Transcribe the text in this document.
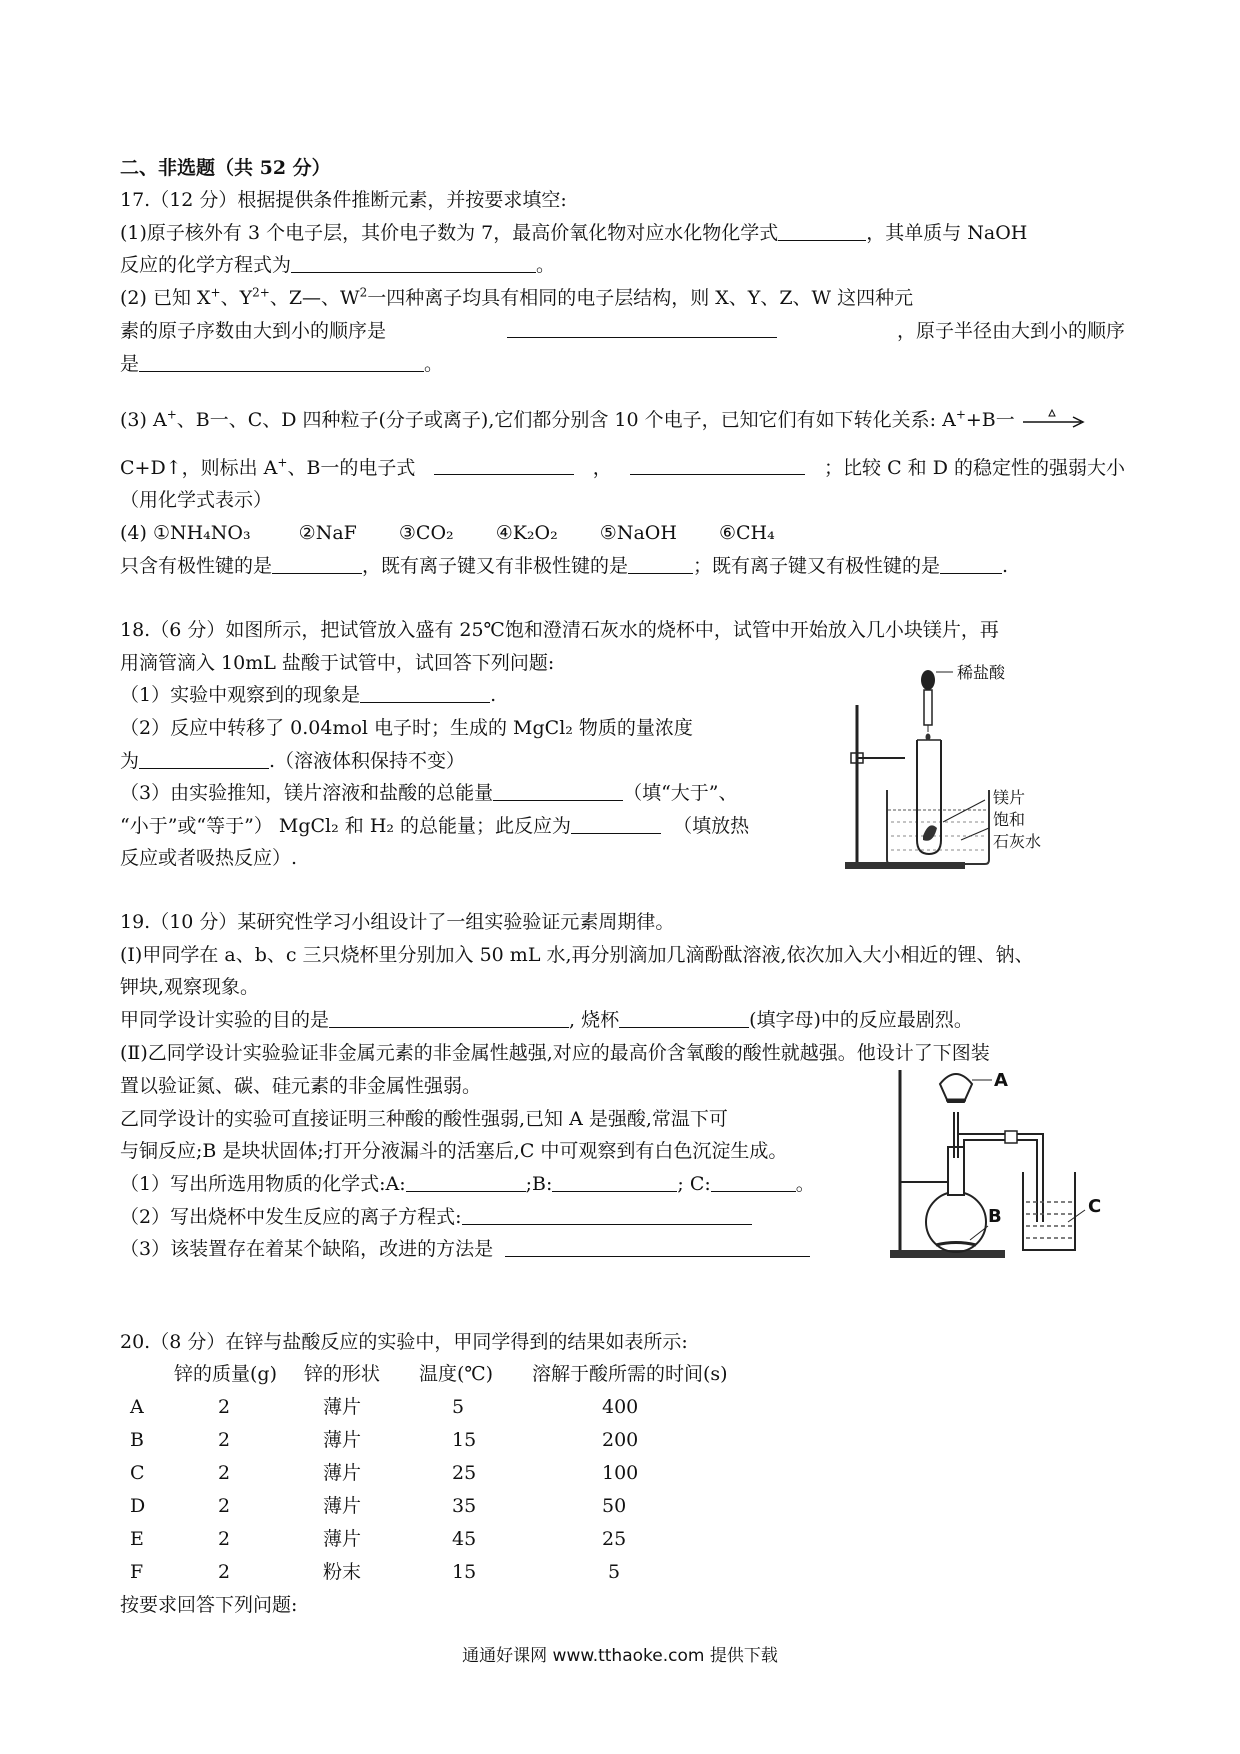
二、非选题（共 52 分）
17.（12 分）根据提供条件推断元素，并按要求填空:
(1)原子核外有 3 个电子层，其价电子数为 7，最高价氧化物对应水化物化学式	，其单质与 NaOH
反应的化学方程式为	。
(2) 已知 X+、$Y^{2+}$、Z—、$W^2$一四种离子均具有相同的电子层结构，则 X、Y、Z、W 这四种元
素的原子序数由大到小的顺序是	，原子半径由大到小的顺序
是	。
(3) A+、B一、C、D 四种粒子(分子或离子),它们都分别含 10 个电子，已知它们有如下转化关系: A++B一
C+D↑，则标出 A+、B一的电子式	，	；比较 C 和 D 的稳定性的强弱大小
（用化学式表示）
(4) ①NH₄NO₃	②NaF ③CO₂ ④K₂O₂ ⑤NaOH ⑥CH₄
只含有极性键的是	，既有离子键又有非极性键的是	；既有离子键又有极性键的是	.
18.（6 分）如图所示，把试管放入盛有 25℃饱和澄清石灰水的烧杯中，试管中开始放入几小块镁片，再
用滴管滴入 10mL 盐酸于试管中，试回答下列问题:
（1）实验中观察到的现象是	.
（2）反应中转移了 0.04mol 电子时；生成的 MgCl₂ 物质的量浓度
为	.（溶液体积保持不变）
（3）由实验推知，镁片溶液和盐酸的总能量	（填“大于”、
“小于”或“等于”） MgCl₂ 和 H₂ 的总能量；此反应为	（填放热
反应或者吸热反应）.
稀盐酸
镁片
饱和
石灰水
19.（10 分）某研究性学习小组设计了一组实验验证元素周期律。
(Ⅰ)甲同学在 a、b、c 三只烧杯里分别加入 50 mL 水,再分别滴加几滴酚酞溶液,依次加入大小相近的锂、钠、
钾块,观察现象。
甲同学设计实验的目的是	, 烧杯	(填字母)中的反应最剧烈。
(Ⅱ)乙同学设计实验验证非金属元素的非金属性越强,对应的最高价含氧酸的酸性就越强。他设计了下图装
置以验证氮、碳、硅元素的非金属性强弱。
乙同学设计的实验可直接证明三种酸的酸性强弱,已知 A 是强酸,常温下可
与铜反应;B 是块状固体;打开分液漏斗的活塞后,C 中可观察到有白色沉淀生成。
（1）写出所选用物质的化学式:A:	;B:	; C:	。
（2）写出烧杯中发生反应的离子方程式:
（3）该装置存在着某个缺陷，改进的方法是
A
B	C
20.（8 分）在锌与盐酸反应的实验中，甲同学得到的结果如表所示:
锌的质量(g) 锌的形状 温度(℃) 溶解于酸所需的时间(s)
A	2	薄片	5	400
B	2	薄片	15	200
C	2	薄片	25	100
D	2	薄片	35	50
E	2	薄片	45	25
F	2	粉末	15	5
按要求回答下列问题:
通通好课网 www.tthaoke.com 提供下载
